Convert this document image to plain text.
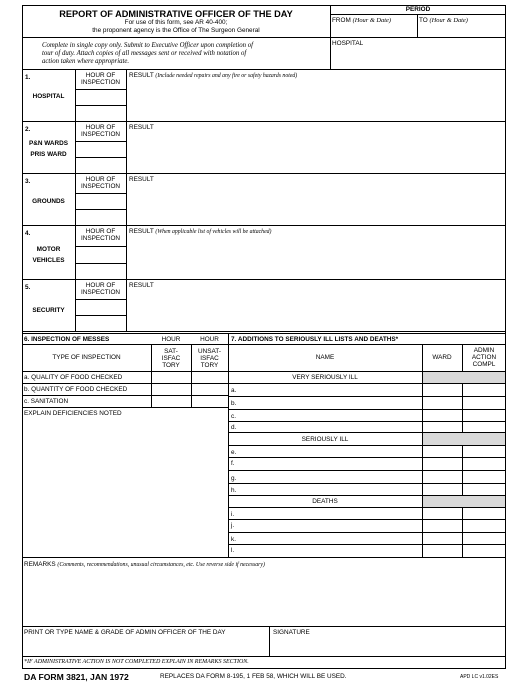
REPORT OF ADMINISTRATIVE OFFICER OF THE DAY
For use of this form, see AR 40-400;
the proponent agency is the Office of The Surgeon General
PERIOD
FROM (Hour & Date)	TO (Hour & Date)
HOSPITAL
Complete in single copy only. Submit to Executive Officer upon completion of
tour of duty. Attach copies of all messages sent or received with notation of
action taken where appropriate.
1.
HOSPITAL
HOUR OF
INSPECTION
RESULT (Include needed repairs and any fire or safety hazards noted)
2.
P&N WARDS
PRIS WARD
HOUR OF
INSPECTION
RESULT
3.
GROUNDS
HOUR OF
INSPECTION
RESULT
4.
MOTOR
VEHICLES
HOUR OF
INSPECTION
RESULT (When applicable list of vehicles will be attached)
5.
SECURITY
HOUR OF
INSPECTION
RESULT
6. INSPECTION OF MESSES	HOUR	HOUR
TYPE OF INSPECTION
SAT-
ISFAC
TORY
UNSAT-
ISFAC
TORY
a. QUALITY OF FOOD CHECKED
b. QUANTITY OF FOOD CHECKED
c. SANITATION
EXPLAIN DEFICIENCIES NOTED
7. ADDITIONS TO SERIOUSLY ILL LISTS AND DEATHS*
NAME	WARD
ADMIN
ACTION
COMPL
VERY SERIOUSLY ILL
a.
b.
c.
d.
SERIOUSLY ILL
e.
f.
g.
h.
DEATHS
i.
j.
k.
l.
REMARKS (Comments, recommendations, unusual circumstances, etc. Use reverse side if necessary)
PRINT OR TYPE NAME & GRADE OF ADMIN OFFICER OF THE DAY	SIGNATURE
*IF ADMINISTRATIVE ACTION IS NOT COMPLETED EXPLAIN IN REMARKS SECTION.
DA FORM 3821, JAN 1972	REPLACES DA FORM 8-195, 1 FEB 58, WHICH WILL BE USED.	APD LC v1.02ES
